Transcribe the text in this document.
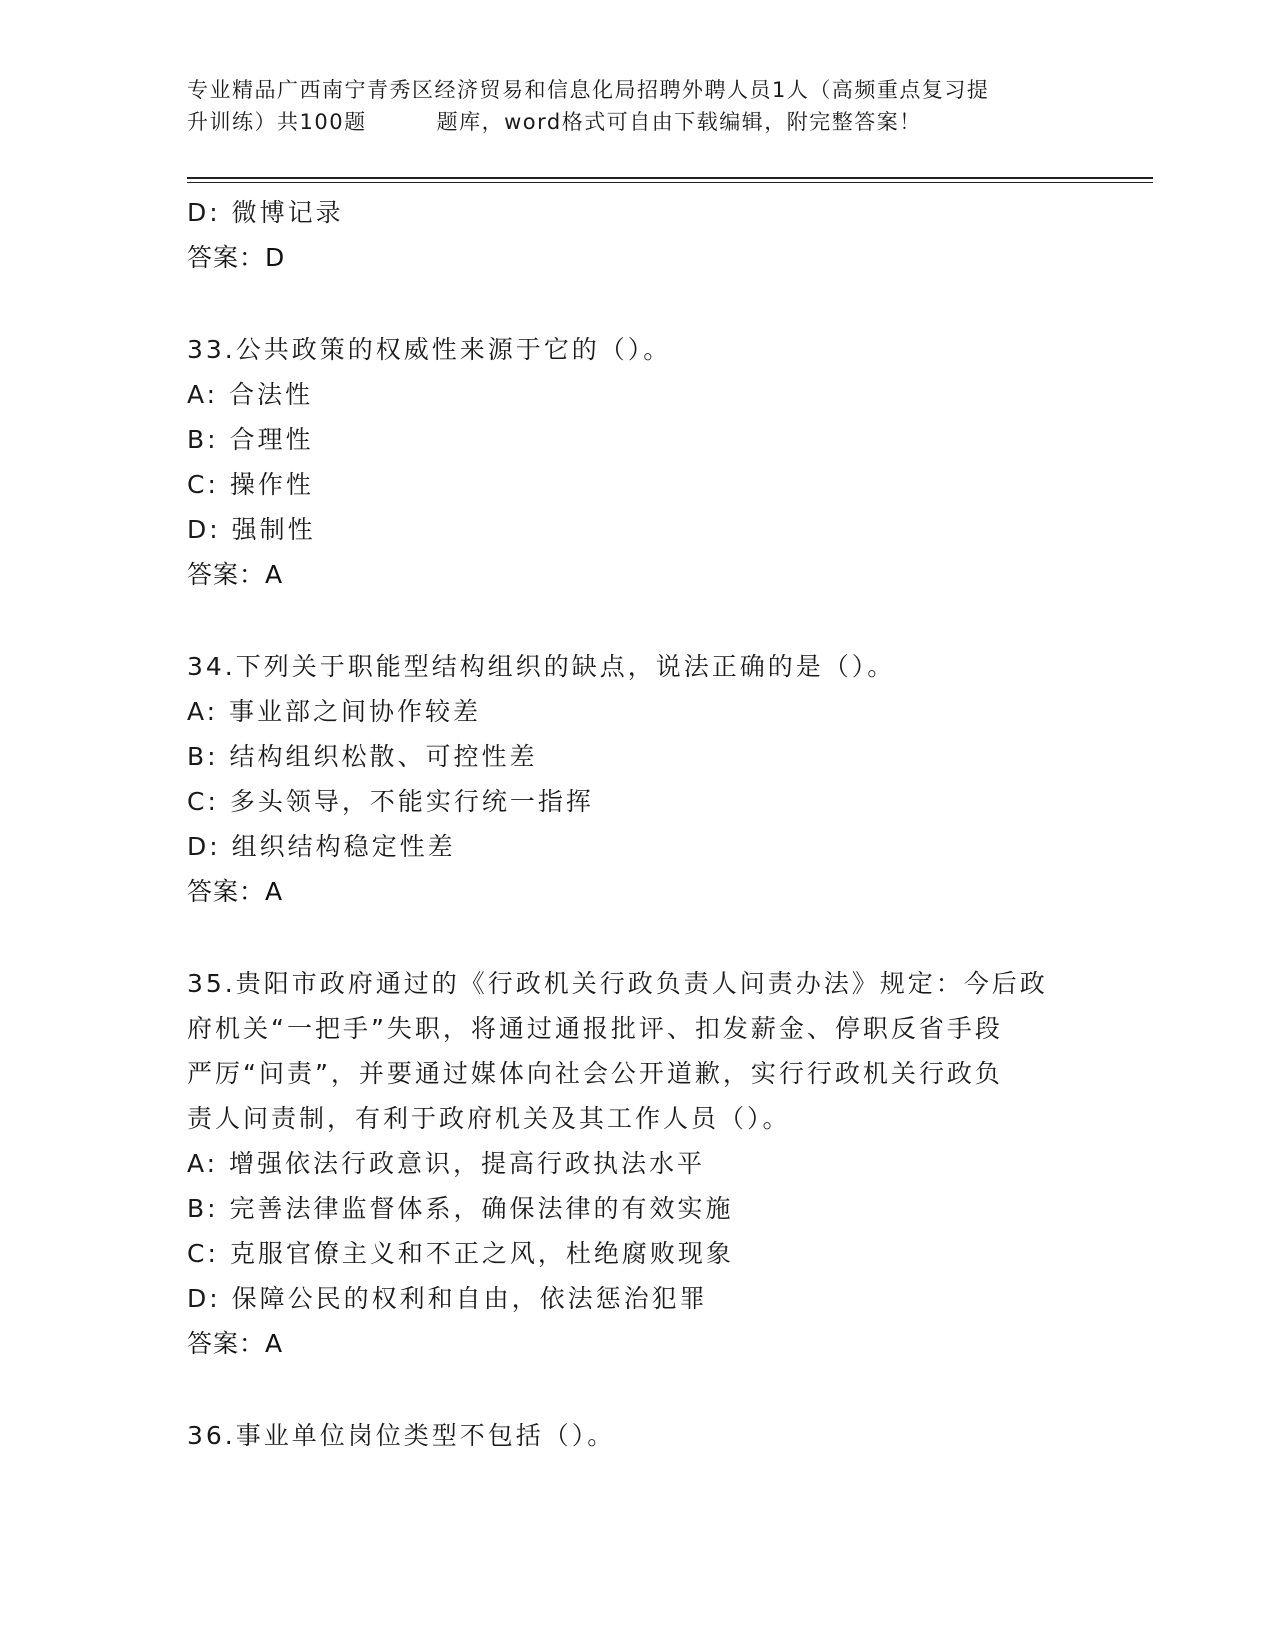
专业精品广西南宁青秀区经济贸易和信息化局招聘外聘人员1人（高频重点复习提
升训练）共100题	题库，word格式可自由下载编辑，附完整答案！
D: 微博记录
答案：D
33.公共政策的权威性来源于它的（）。
A: 合法性
B: 合理性
C: 操作性
D: 强制性
答案：A
34.下列关于职能型结构组织的缺点，说法正确的是（）。
A: 事业部之间协作较差
B: 结构组织松散、可控性差
C: 多头领导，不能实行统一指挥
D: 组织结构稳定性差
答案：A
35.贵阳市政府通过的《行政机关行政负责人问责办法》规定：今后政
府机关“一把手”失职，将通过通报批评、扣发薪金、停职反省手段
严厉“问责”，并要通过媒体向社会公开道歉，实行行政机关行政负
责人问责制，有利于政府机关及其工作人员（）。
A: 增强依法行政意识，提高行政执法水平
B: 完善法律监督体系，确保法律的有效实施
C: 克服官僚主义和不正之风，杜绝腐败现象
D: 保障公民的权利和自由，依法惩治犯罪
答案：A
36.事业单位岗位类型不包括（）。
